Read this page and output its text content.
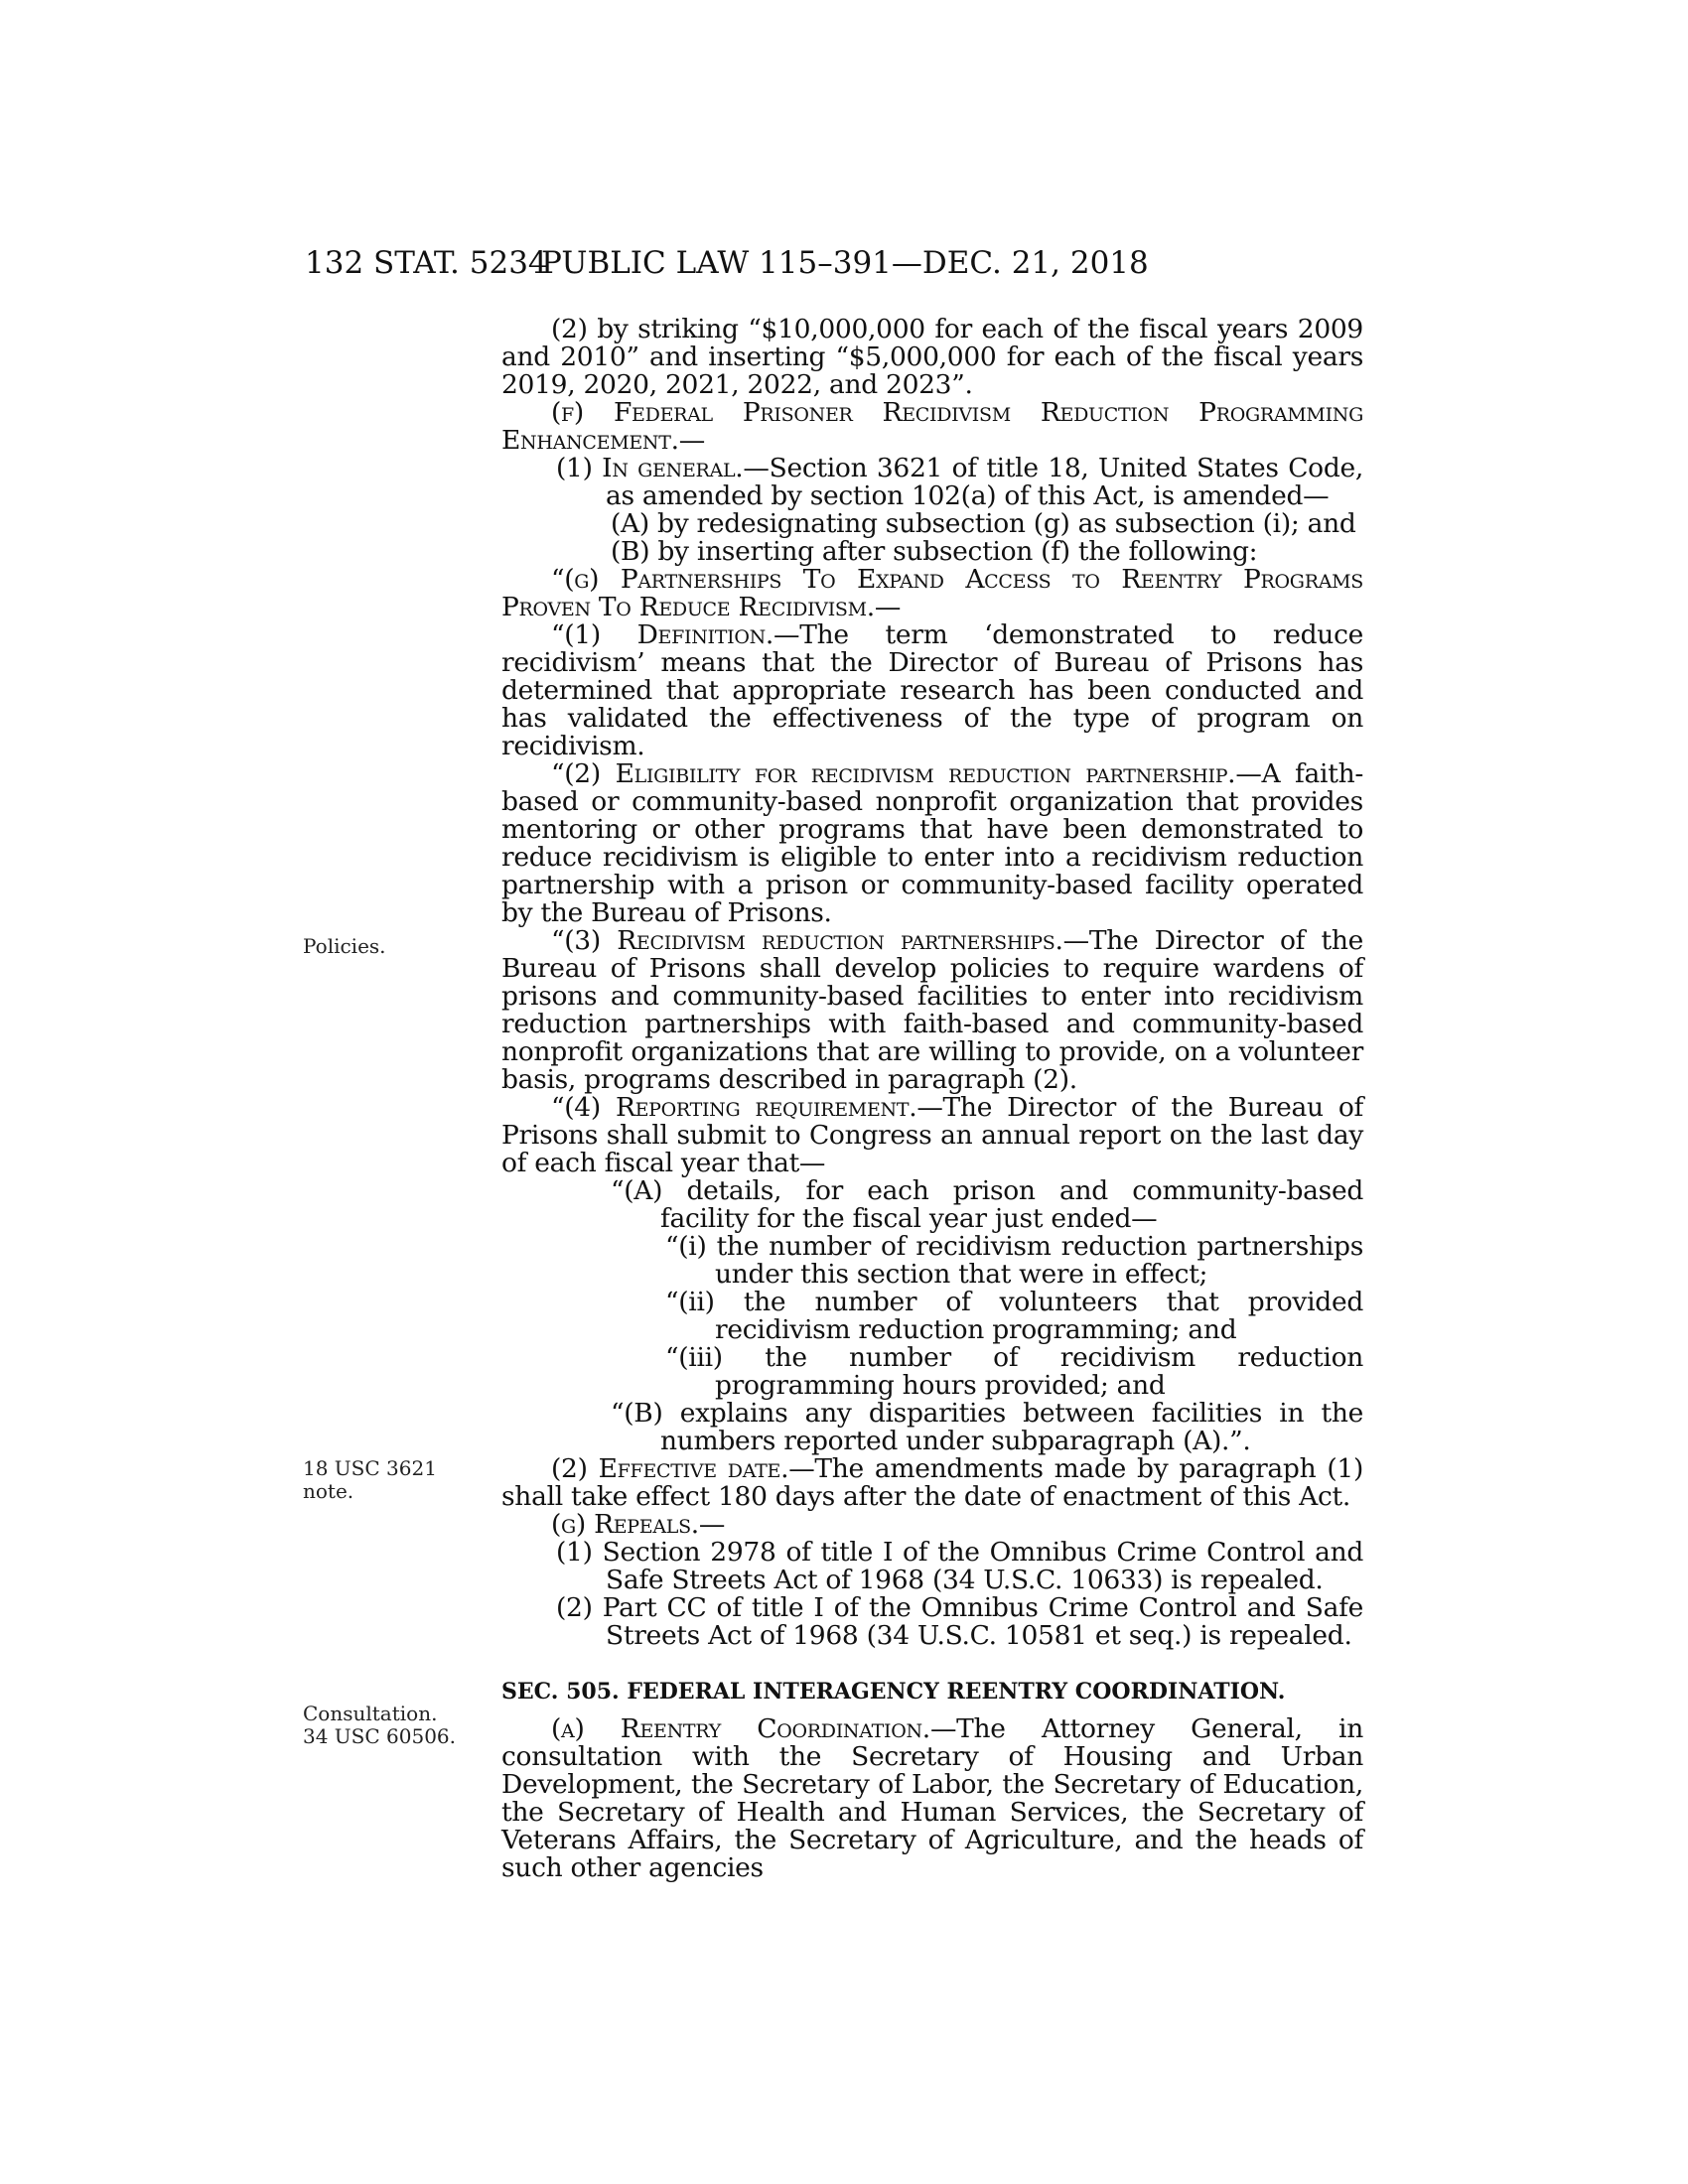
132 STAT. 5234
PUBLIC LAW 115–391—DEC. 21, 2018
Policies.
18 USC 3621
note.
Consultation.
34 USC 60506.

(2) by striking “$10,000,000 for each of the fiscal years 2009 and 2010” and inserting “$5,000,000 for each of the fiscal years 2019, 2020, 2021, 2022, and 2023”.

(f) Federal Prisoner Recidivism Reduction Programming Enhancement.—

(1) In general.—Section 3621 of title 18, United States Code, as amended by section 102(a) of this Act, is amended—

(A) by redesignating subsection (g) as subsection (i); and

(B) by inserting after subsection (f) the following:

“(g) Partnerships To Expand Access to Reentry Programs Proven To Reduce Recidivism.—

“(1) Definition.—The term ‘demonstrated to reduce recidivism’ means that the Director of Bureau of Prisons has determined that appropriate research has been conducted and has validated the effectiveness of the type of program on recidivism.

“(2) Eligibility for recidivism reduction partnership.—A faith-based or community-based nonprofit organization that provides mentoring or other programs that have been demonstrated to reduce recidivism is eligible to enter into a recidivism reduction partnership with a prison or community-based facility operated by the Bureau of Prisons.

“(3) Recidivism reduction partnerships.—The Director of the Bureau of Prisons shall develop policies to require wardens of prisons and community-based facilities to enter into recidivism reduction partnerships with faith-based and community-based nonprofit organizations that are willing to provide, on a volunteer basis, programs described in paragraph (2).

“(4) Reporting requirement.—The Director of the Bureau of Prisons shall submit to Congress an annual report on the last day of each fiscal year that—

“(A) details, for each prison and community-based facility for the fiscal year just ended—

“(i) the number of recidivism reduction partnerships under this section that were in effect;

“(ii) the number of volunteers that provided recidivism reduction programming; and

“(iii) the number of recidivism reduction programming hours provided; and

“(B) explains any disparities between facilities in the numbers reported under subparagraph (A).”.

(2) Effective date.—The amendments made by paragraph (1) shall take effect 180 days after the date of enactment of this Act.

(g) Repeals.—

(1) Section 2978 of title I of the Omnibus Crime Control and Safe Streets Act of 1968 (34 U.S.C. 10633) is repealed.

(2) Part CC of title I of the Omnibus Crime Control and Safe Streets Act of 1968 (34 U.S.C. 10581 et seq.) is repealed.

SEC. 505. FEDERAL INTERAGENCY REENTRY COORDINATION.

(a) Reentry Coordination.—The Attorney General, in consultation with the Secretary of Housing and Urban Development, the Secretary of Labor, the Secretary of Education, the Secretary of Health and Human Services, the Secretary of Veterans Affairs, the Secretary of Agriculture, and the heads of such other agencies
